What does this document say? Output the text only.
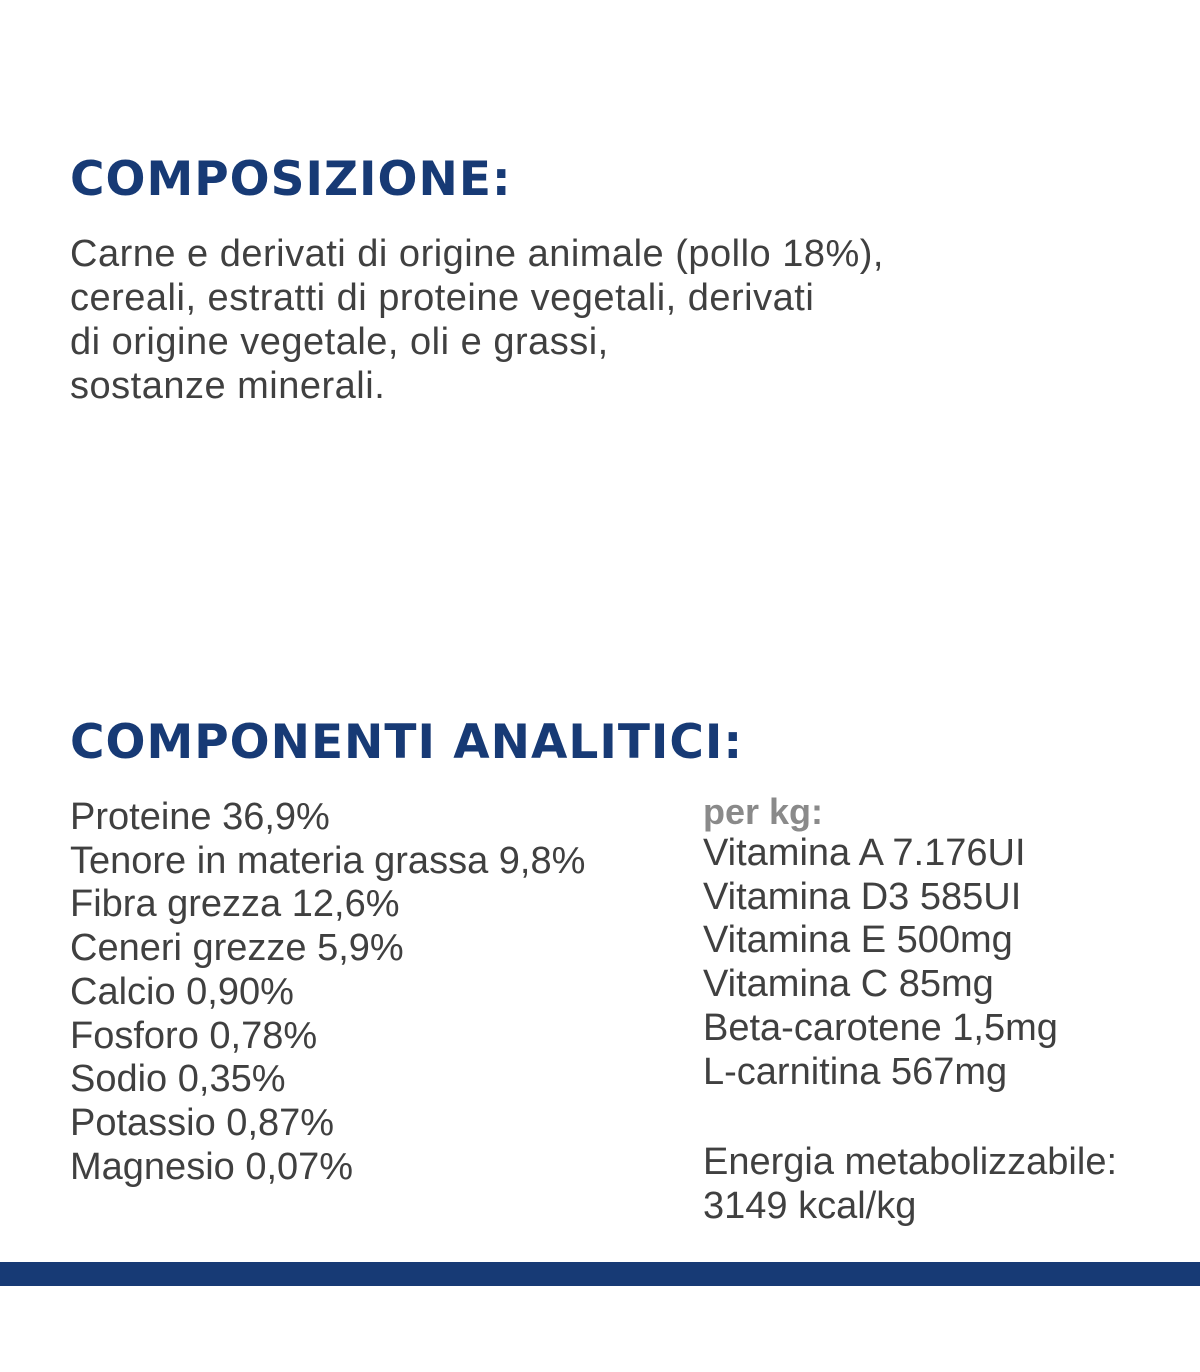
COMPOSIZIONE:
Carne e derivati di origine animale (pollo 18%),
cereali, estratti di proteine vegetali, derivati
di origine vegetale, oli e grassi,
sostanze minerali.
COMPONENTI ANALITICI:
Proteine 36,9%
Tenore in materia grassa 9,8%
Fibra grezza 12,6%
Ceneri grezze 5,9%
Calcio 0,90%
Fosforo 0,78%
Sodio 0,35%
Potassio 0,87%
Magnesio 0,07%
per kg:
Vitamina A 7.176UI
Vitamina D3 585UI
Vitamina E 500mg
Vitamina C 85mg
Beta-carotene 1,5mg
L-carnitina 567mg
Energia metabolizzabile:
3149 kcal/kg
